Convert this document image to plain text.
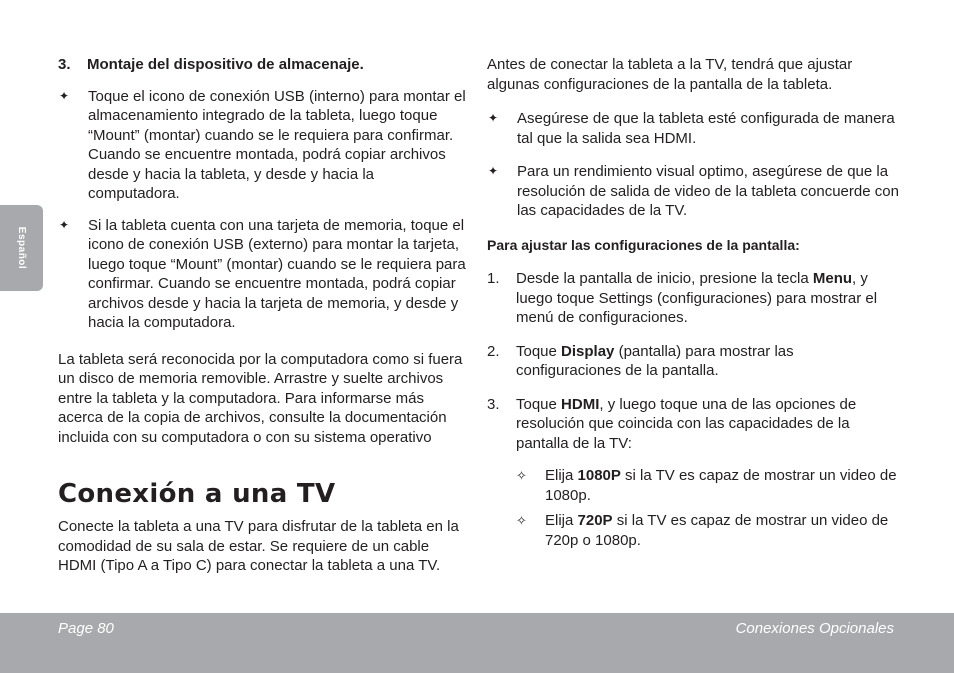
Español
3.	Montaje del dispositivo de almacenaje.
✦	Toque el icono de conexión USB (interno) para montar el almacenamiento integrado de la tableta, luego toque “Mount” (montar) cuando se le requiera para confirmar. Cuando se encuentre montada, podrá copiar archivos desde y hacia la tableta, y desde y hacia la computadora.
✦	Si la tableta cuenta con una tarjeta de memoria, toque el icono de conexión USB (externo) para montar la tarjeta, luego toque “Mount” (montar) cuando se le requiera para confirmar. Cuando se encuentre montada, podrá copiar archivos desde y hacia la tarjeta de memoria, y desde y hacia la computadora.

La tableta será reconocida por la computadora como si fuera un disco de memoria removible. Arrastre y suelte archivos entre la tableta y la computadora. Para informarse más acerca de la copia de archivos, consulte la documentación incluida con su computadora o con su sistema operativo

Conexión a una TV

Conecte la tableta a una TV para disfrutar de la tableta en la comodidad de su sala de estar. Se requiere de un cable HDMI (Tipo A a Tipo C) para conectar la tableta a una TV.

Antes de conectar la tableta a la TV, tendrá que ajustar algunas configuraciones de la pantalla de la tableta.

✦	Asegúrese de que la tableta esté configurada de manera tal que la salida sea HDMI.
✦	Para un rendimiento visual optimo, asegúrese de que la resolución de salida de video de la tableta concuerde con las capacidades de la TV.

Para ajustar las configuraciones de la pantalla:

1.	Desde la pantalla de inicio, presione la tecla Menu, y luego toque Settings (configuraciones) para mostrar el menú de configuraciones.
2.	Toque Display (pantalla) para mostrar las configuraciones de la pantalla.
3.	Toque HDMI, y luego toque una de las opciones de resolución que coincida con las capacidades de la pantalla de la TV:
✧	Elija 1080P si la TV es capaz de mostrar un video de 1080p.
✧	Elija 720P si la TV es capaz de mostrar un video de 720p o 1080p.
Page 80	Conexiones Opcionales
